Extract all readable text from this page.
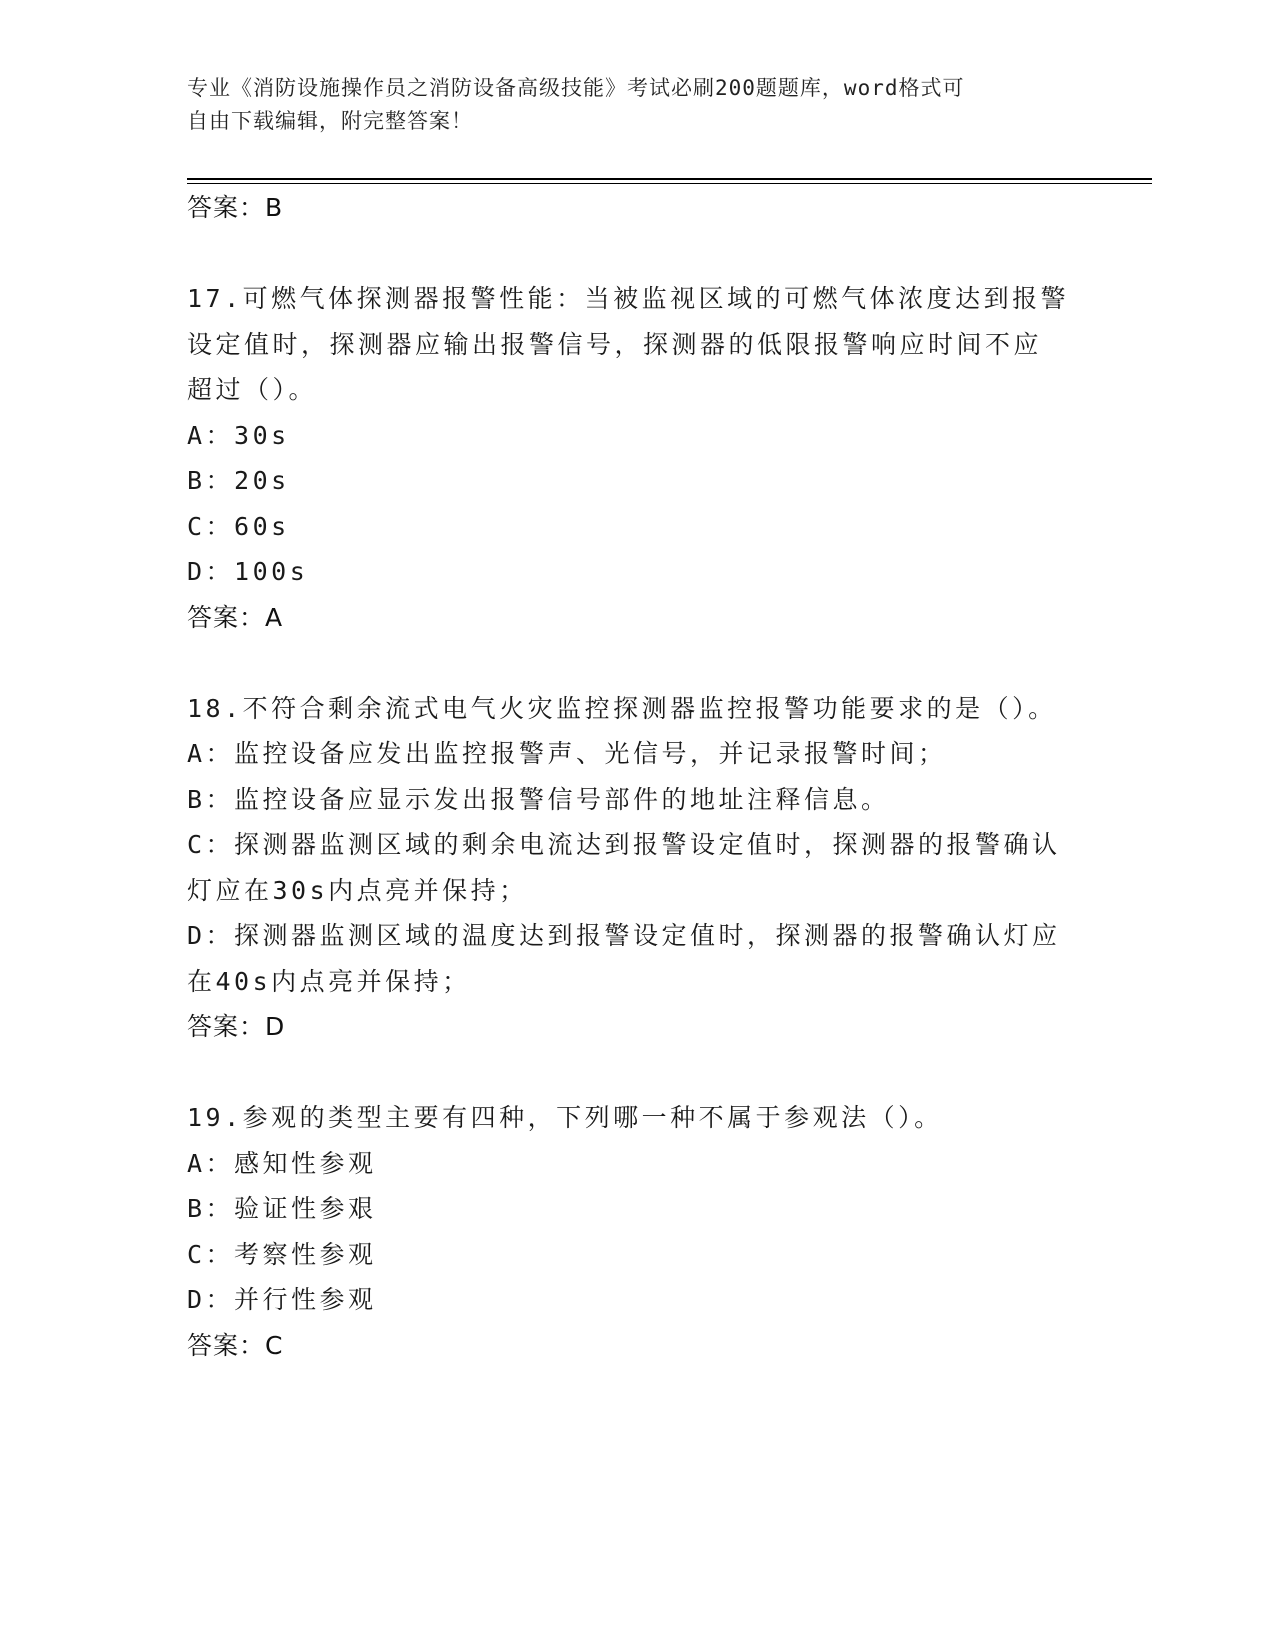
专业《消防设施操作员之消防设备高级技能》考试必刷200题题库，word格式可
自由下载编辑，附完整答案！
答案：B
17.可燃气体探测器报警性能：当被监视区域的可燃气体浓度达到报警
设定值时，探测器应输出报警信号，探测器的低限报警响应时间不应
超过（）。
A：30s
B：20s
C：60s
D：100s
答案：A
18.不符合剩余流式电气火灾监控探测器监控报警功能要求的是（）。
A：监控设备应发出监控报警声、光信号，并记录报警时间；
B：监控设备应显示发出报警信号部件的地址注释信息。
C：探测器监测区域的剩余电流达到报警设定值时，探测器的报警确认
灯应在30s内点亮并保持；
D：探测器监测区域的温度达到报警设定值时，探测器的报警确认灯应
在40s内点亮并保持；
答案：D
19.参观的类型主要有四种，下列哪一种不属于参观法（）。
A：感知性参观
B：验证性参艰
C：考察性参观
D：并行性参观
答案：C
